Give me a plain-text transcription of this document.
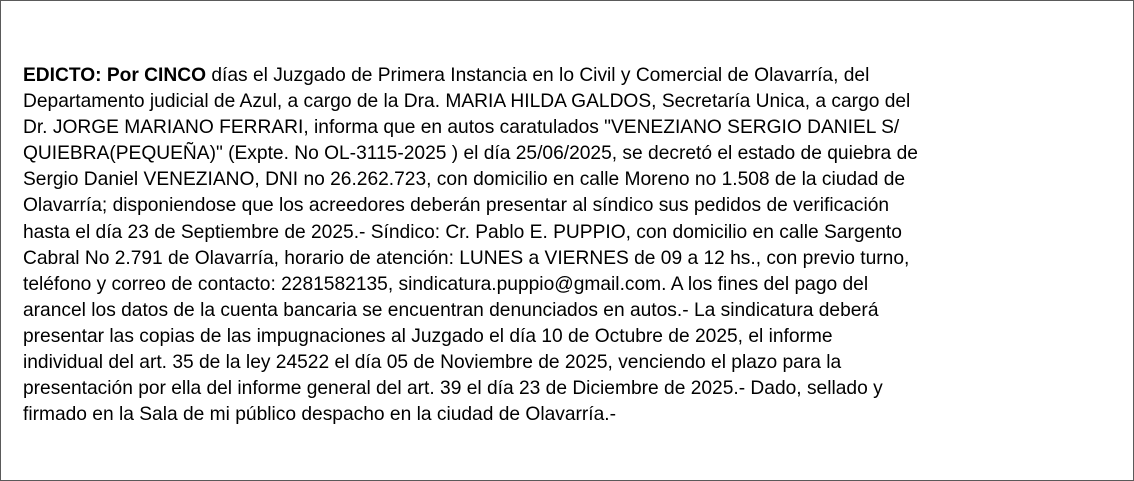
EDICTO: Por CINCO días el Juzgado de Primera Instancia en lo Civil y Comercial de Olavarría, del
Departamento judicial de Azul, a cargo de la Dra. MARIA HILDA GALDOS, Secretaría Unica, a cargo del
Dr. JORGE MARIANO FERRARI, informa que en autos caratulados "VENEZIANO SERGIO DANIEL S/
QUIEBRA(PEQUEÑA)" (Expte. No OL-3115-2025 ) el día 25/06/2025, se decretó el estado de quiebra de
Sergio Daniel VENEZIANO, DNI no 26.262.723, con domicilio en calle Moreno no 1.508 de la ciudad de
Olavarría; disponiendose que los acreedores deberán presentar al síndico sus pedidos de verificación
hasta el día 23 de Septiembre de 2025.- Síndico: Cr. Pablo E. PUPPIO, con domicilio en calle Sargento
Cabral No 2.791 de Olavarría, horario de atención: LUNES a VIERNES de 09 a 12 hs., con previo turno,
teléfono y correo de contacto: 2281582135, sindicatura.puppio@gmail.com. A los fines del pago del
arancel los datos de la cuenta bancaria se encuentran denunciados en autos.- La sindicatura deberá
presentar las copias de las impugnaciones al Juzgado el día 10 de Octubre de 2025, el informe
individual del art. 35 de la ley 24522 el día 05 de Noviembre de 2025, venciendo el plazo para la
presentación por ella del informe general del art. 39 el día 23 de Diciembre de 2025.- Dado, sellado y
firmado en la Sala de mi público despacho en la ciudad de Olavarría.-
